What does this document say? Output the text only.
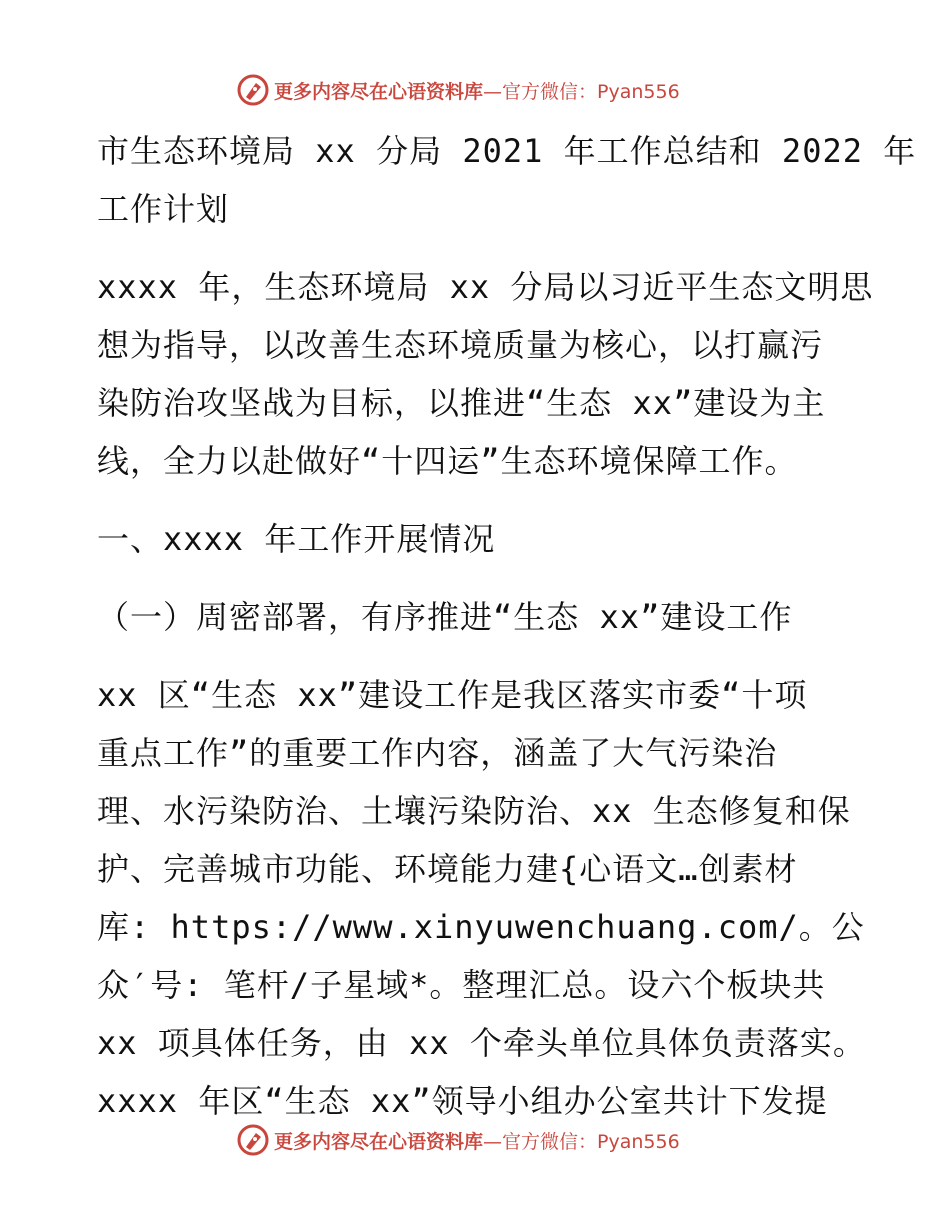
更多内容尽在心语资料库—官方微信：Pyan556
市生态环境局 xx 分局 2021 年工作总结和 2022 年
工作计划
xxxx 年，生态环境局 xx 分局以习近平生态文明思
想为指导，以改善生态环境质量为核心，以打赢污
染防治攻坚战为目标，以推进“生态 xx”建设为主
线，全力以赴做好“十四运”生态环境保障工作。
一、xxxx 年工作开展情况
（一）周密部署，有序推进“生态 xx”建设工作
xx 区“生态 xx”建设工作是我区落实市委“十项
重点工作”的重要工作内容，涵盖了大气污染治
理、水污染防治、土壤污染防治、xx 生态修复和保
护、完善城市功能、环境能力建{心语文…创素材
库: https://www.xinyuwenchuang.com/。公
众′号: 笔杆/子星域*。整理汇总。设六个板块共
xx 项具体任务，由 xx 个牵头单位具体负责落实。
xxxx 年区“生态 xx”领导小组办公室共计下发提
更多内容尽在心语资料库—官方微信：Pyan556
